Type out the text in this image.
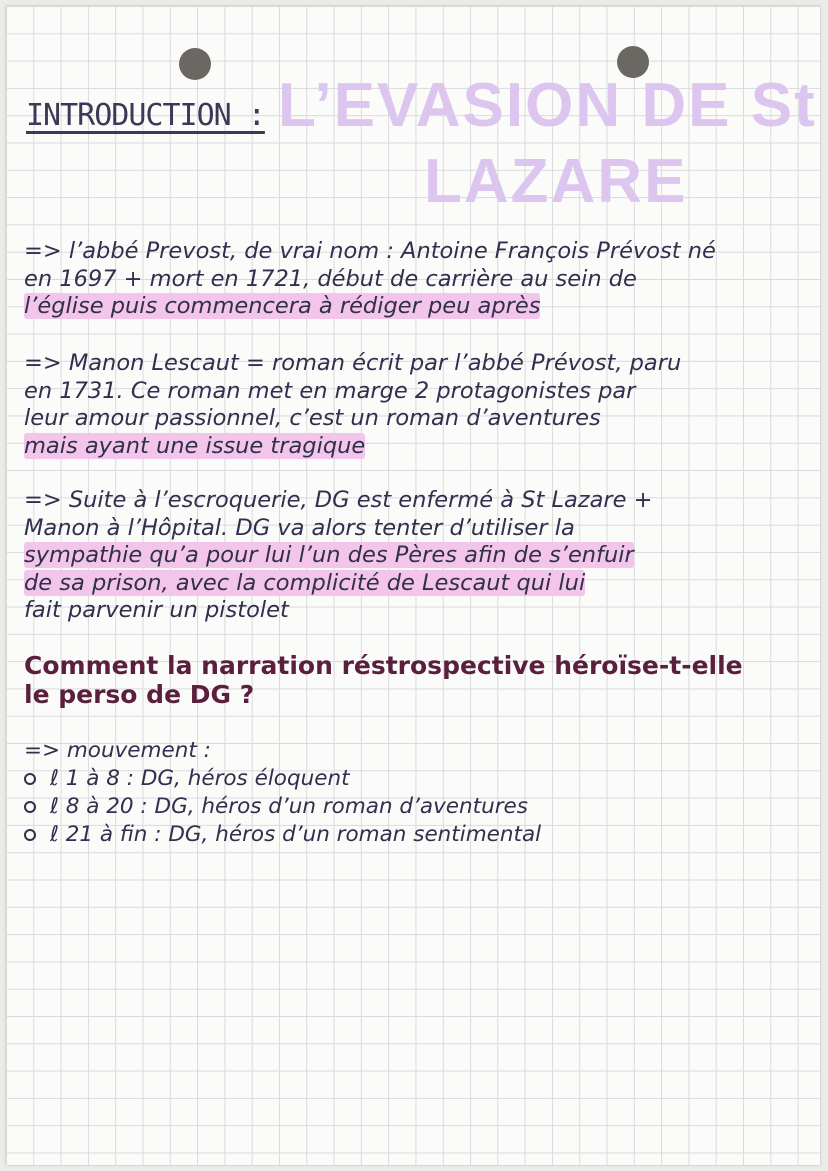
INTRODUCTION : L’EVASION DE St
LAZARE
=> l’abbé Prevost, de vrai nom : Antoine François Prévost né
en 1697 + mort en 1721, début de carrière au sein de
l’église puis commencera à rédiger peu après
=> Manon Lescaut = roman écrit par l’abbé Prévost, paru
en 1731. Ce roman met en marge 2 protagonistes par
leur amour passionnel, c’est un roman d’aventures
mais ayant une issue tragique
=> Suite à l’escroquerie, DG est enfermé à St Lazare +
Manon à l’Hôpital. DG va alors tenter d’utiliser la
sympathie qu’a pour lui l’un des Pères afin de s’enfuir
de sa prison, avec la complicité de Lescaut qui lui
fait parvenir un pistolet
Comment la narration réstrospective héroïse-t-elle
le perso de DG ?
=> mouvement :
ℓ 1 à 8 : DG, héros éloquent
ℓ 8 à 20 : DG, héros d’un roman d’aventures
ℓ 21 à fin : DG, héros d’un roman sentimental
